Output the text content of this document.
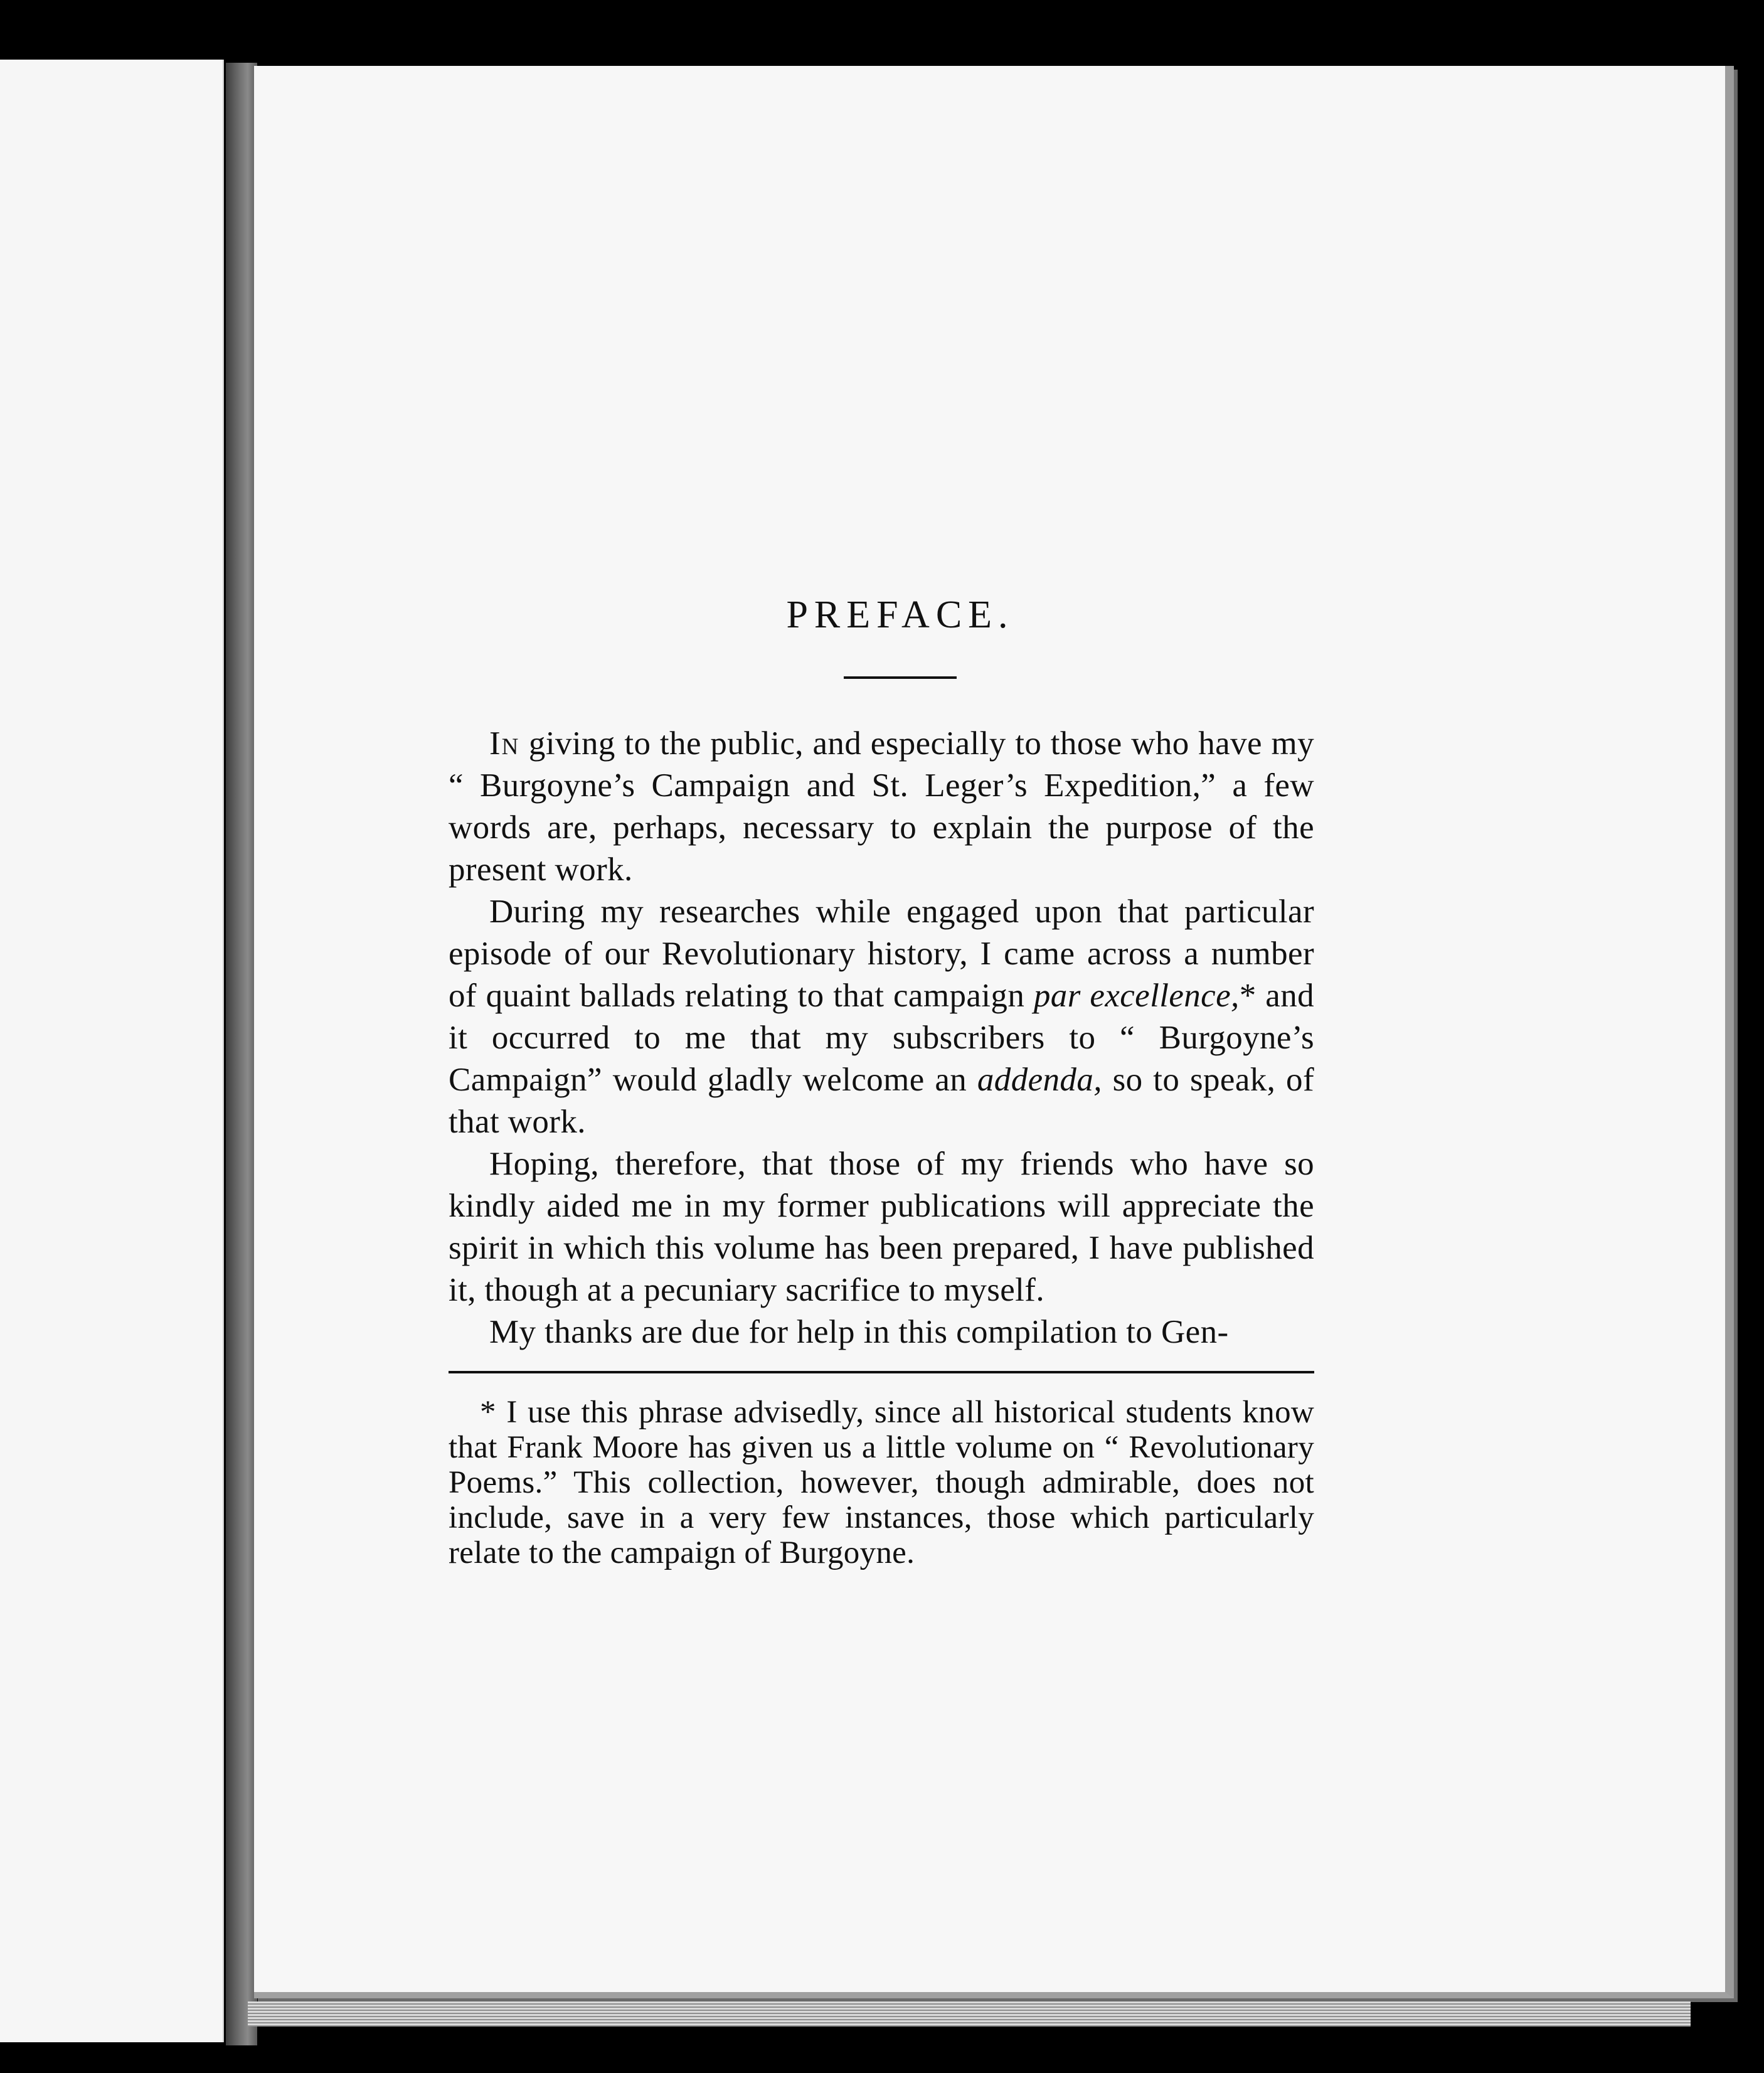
PREFACE.

In giving to the public, and especially to those who have my “ Burgoyne’s Campaign and St. Leger’s Expedition,” a few words are, perhaps, necessary to explain the purpose of the present work.

During my researches while engaged upon that particular episode of our Revolutionary history, I came across a number of quaint ballads relating to that campaign par excellence,* and it occurred to me that my subscribers to “ Burgoyne’s Campaign” would gladly welcome an addenda, so to speak, of that work.

Hoping, therefore, that those of my friends who have so kindly aided me in my former publications will appreciate the spirit in which this volume has been prepared, I have published it, though at a pecuniary sacrifice to myself.

My thanks are due for help in this compilation to Gen-

* I use this phrase advisedly, since all historical students know that Frank Moore has given us a little volume on “ Revolutionary Poems.” This collection, however, though admirable, does not include, save in a very few instances, those which particularly relate to the campaign of Burgoyne.
